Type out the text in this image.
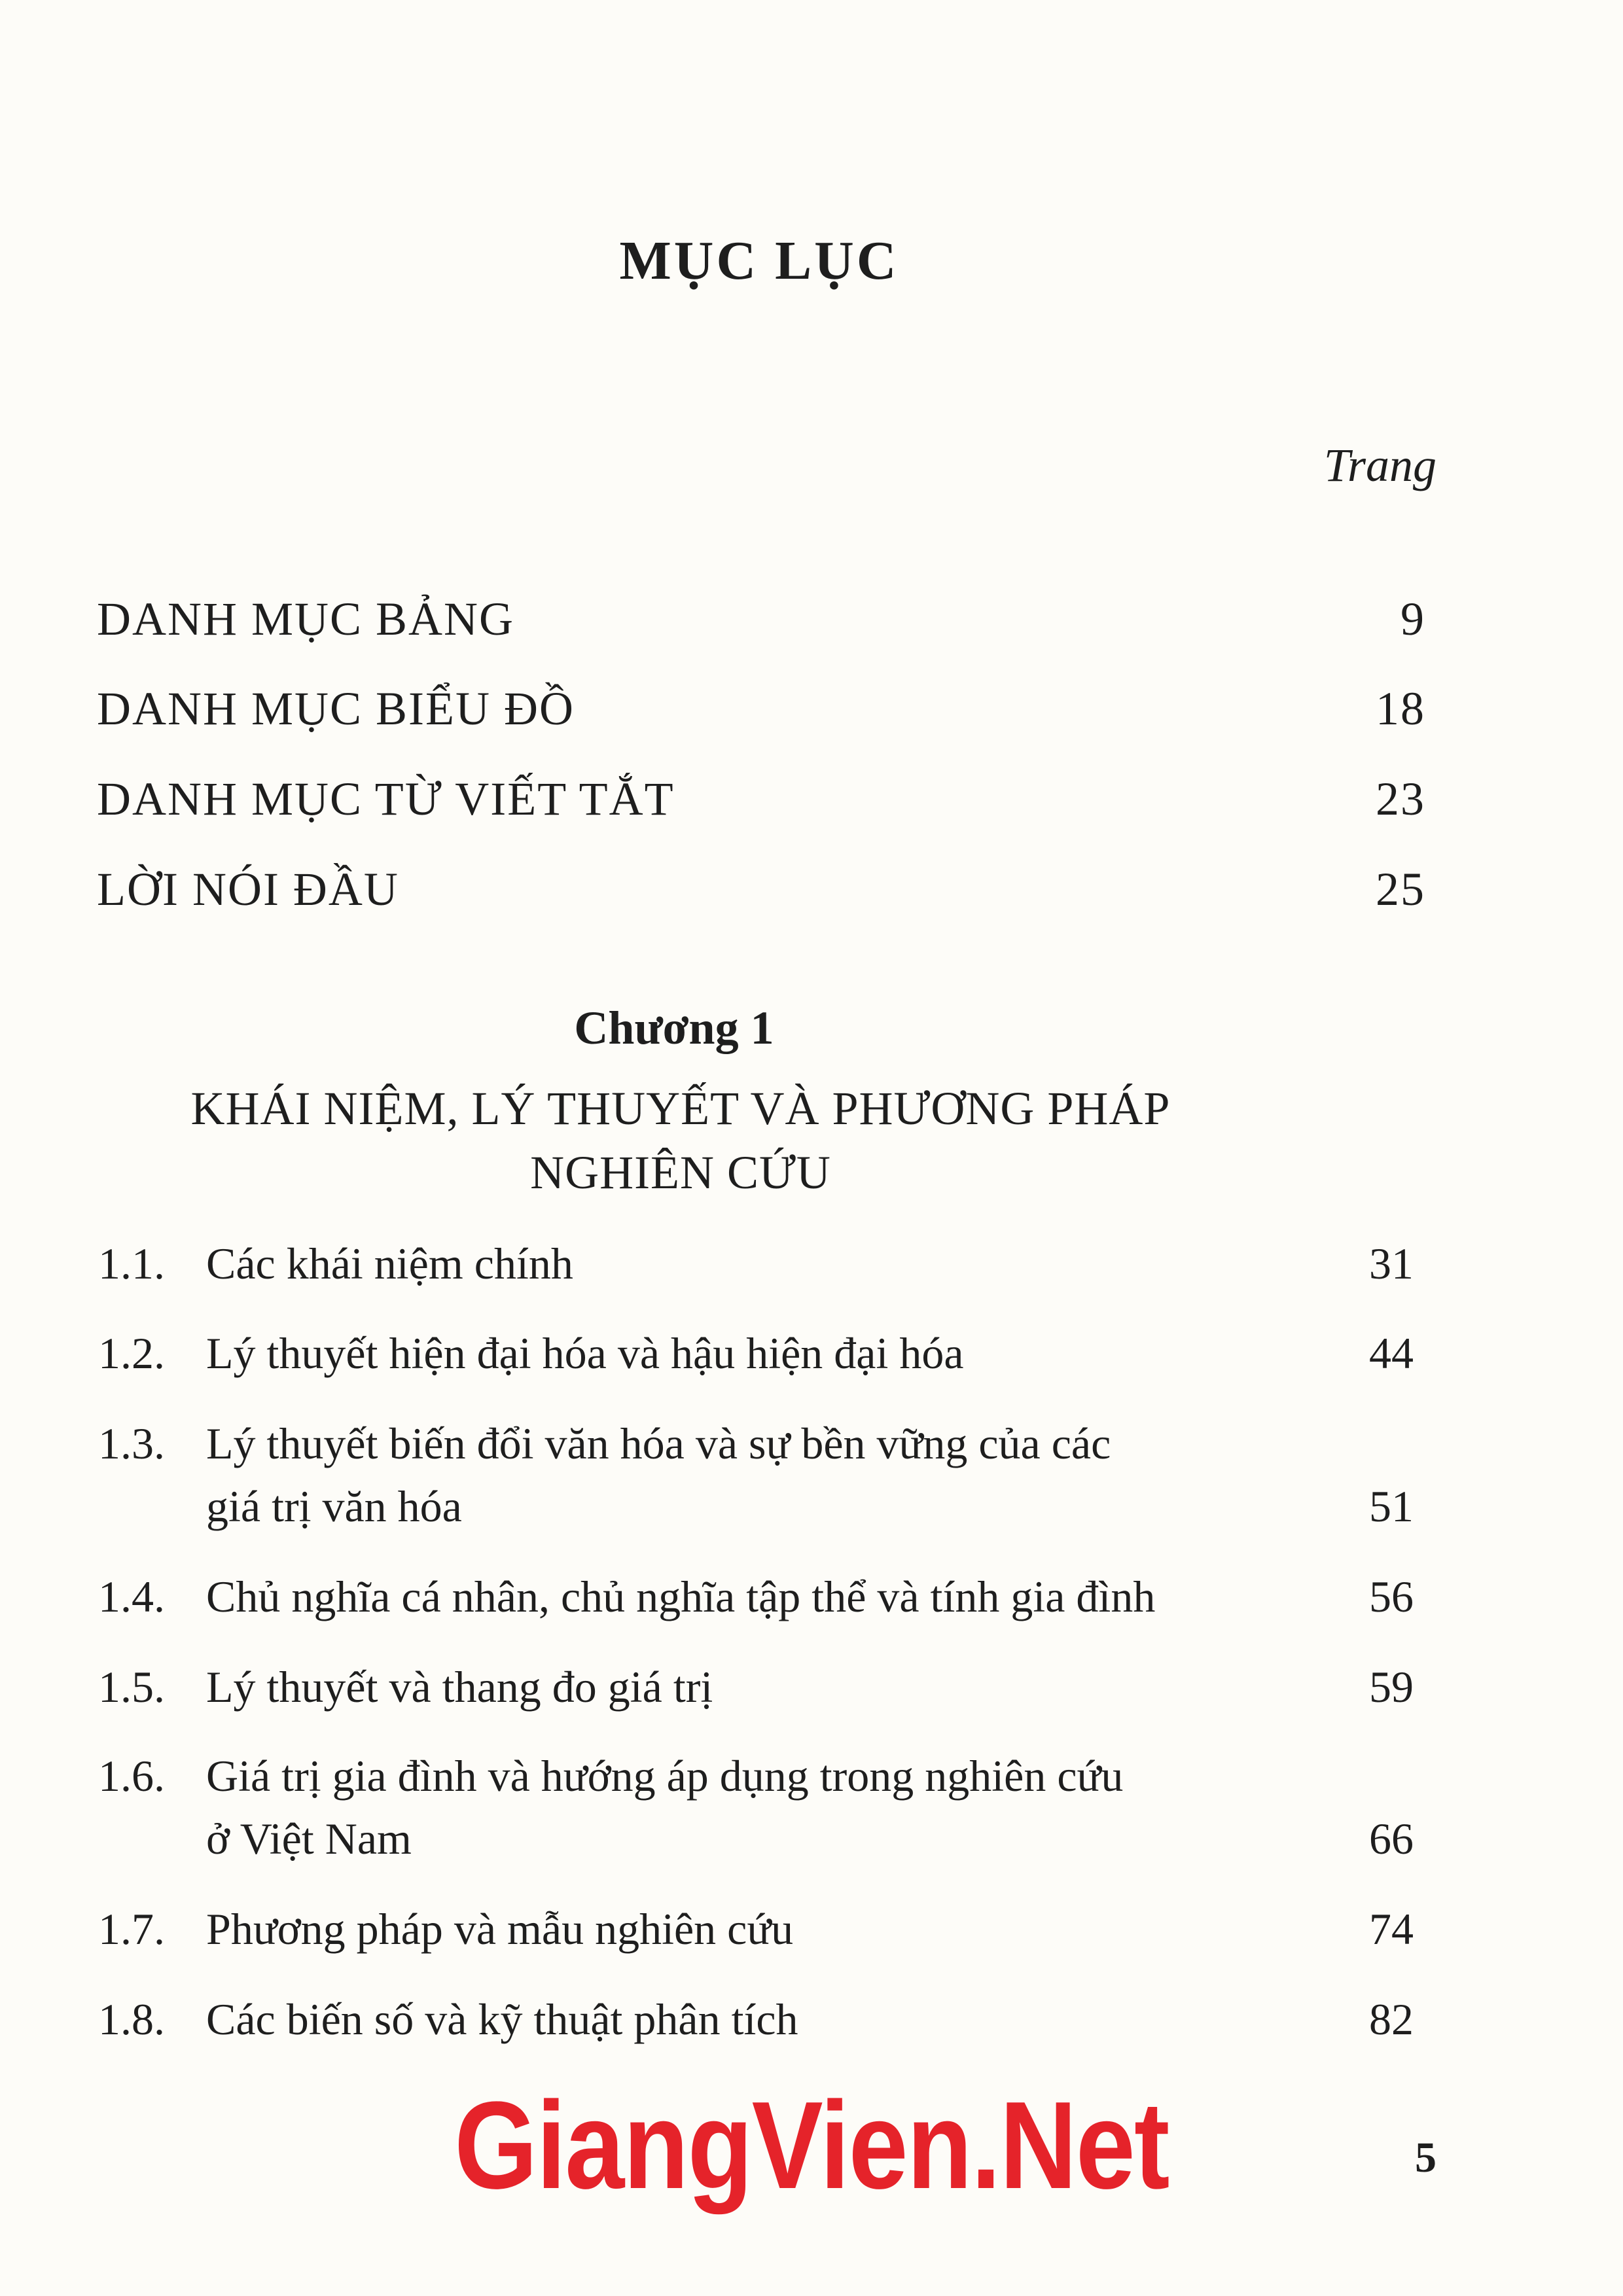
MỤC LỤC
Trang
DANH MỤC BẢNG	9
DANH MỤC BIỂU ĐỒ	18
DANH MỤC TỪ VIẾT TẮT	23
LỜI NÓI ĐẦU	25
Chương 1
KHÁI NIỆM, LÝ THUYẾT VÀ PHƯƠNG PHÁP
NGHIÊN CỨU
1.1. Các khái niệm chính	31
1.2. Lý thuyết hiện đại hóa và hậu hiện đại hóa	44
1.3. Lý thuyết biến đổi văn hóa và sự bền vững của các
giá trị văn hóa	51
1.4. Chủ nghĩa cá nhân, chủ nghĩa tập thể và tính gia đình	56
1.5. Lý thuyết và thang đo giá trị	59
1.6. Giá trị gia đình và hướng áp dụng trong nghiên cứu
ở Việt Nam	66
1.7. Phương pháp và mẫu nghiên cứu	74
1.8. Các biến số và kỹ thuật phân tích	82
GiangVien.Net	5
